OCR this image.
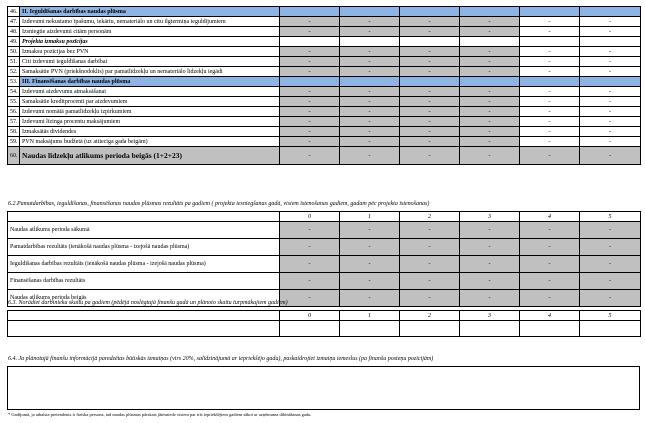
46.	II. Ieguldīšanas darbības naudas plūsma						
47.	Izdevumi nekustamo īpašumu, iekārtu, nemateriālo un citu ilgtermiņa ieguldījumiem	-	-	-	-	-	-
48.	Izsniegtie aizdevumi citām personām	-	-	-	-	-	-
49.	Projekta izmaksu pozīcijas						
50.	Izmaksu pozīcijas bez PVN	-	-	-	-	-	-
51.	Citi izdevumi ieguldīšanas darbībai	-	-	-	-	-	-
52.	Samaksātie PVN (priekšnodoklis) par pamatlīdzekļu un nemateriālo līdzekļu iegādi	-	-	-	-	-	-
53.	III. Finansēšanas darbības naudas plūsma						
54.	Izdevumi aizdevumu atmaksāšanai	-	-	-	-	-	-
55.	Samaksātie kredītprocenti par aizdevumiem	-	-	-	-	-	-
56.	Izdevumi nomātā pamatlīdzekļu izpirkumiem	-	-	-	-	-	-
57.	Izdevumi līzinga procentu maksājumiem	-	-	-	-	-	-
58.	Izmaksātās dividendes	-	-	-	-	-	-
59.	PVN maksājums budžetā (uz attiecīga gada beigām)	-	-	-	-	-	-
60.	Naudas līdzekļu atlikums perioda beigās (1+2+23)	-	-	-	-	-	-
6.2.Pamatdarbības, ieguldīšanas, finansēšanas naudas plūsmas rezultāts pa gadiem ( projekta iesniegšanas gadā, visiem īstenošanas gadiem, gadam pēc projekta īstenošanas)
	0	1	2	3	4	5
Naudas atlikums perioda sākumā	-	-	-	-	-	-
Pamatdarbības rezultāts (ienākošā naudas plūsma - izejošā naudas plūsma)	-	-	-	-	-	-
Ieguldīšanas darbības rezultāts (ienākošā naudas plūsma - izejošā naudas plūsma)	-	-	-	-	-	-
Finansēšanas darbības rezultāts	-	-	-	-	-	-
Naudas atlikums perioda beigās	-	-	-	-	-	-
6.3. Norādiet darbinieku skaitu pa gadiem (pēdējā noslēgtajā finanšu gadā un plānoto skaitu turpmākajiem gadiem)
	0	1	2	3	4	5

6.4. Ja plānotajā finanšu informācijā paredzētas būtiskās izmaiņas (virs 20%, salīdzinājumā ar iepriekšējo gadu), paskaidrojiet izmaiņu iemeslus (pa finanšu posteņu pozīcijām)
* Gadījumā, ja atbalsta pretendents ir fiziska persona, tad naudas plūsmas pārskats jāiesniedz visiem par trīs iepriekšējiem gadiem sākot ar uzņēmuma dibināšanas gadu.
